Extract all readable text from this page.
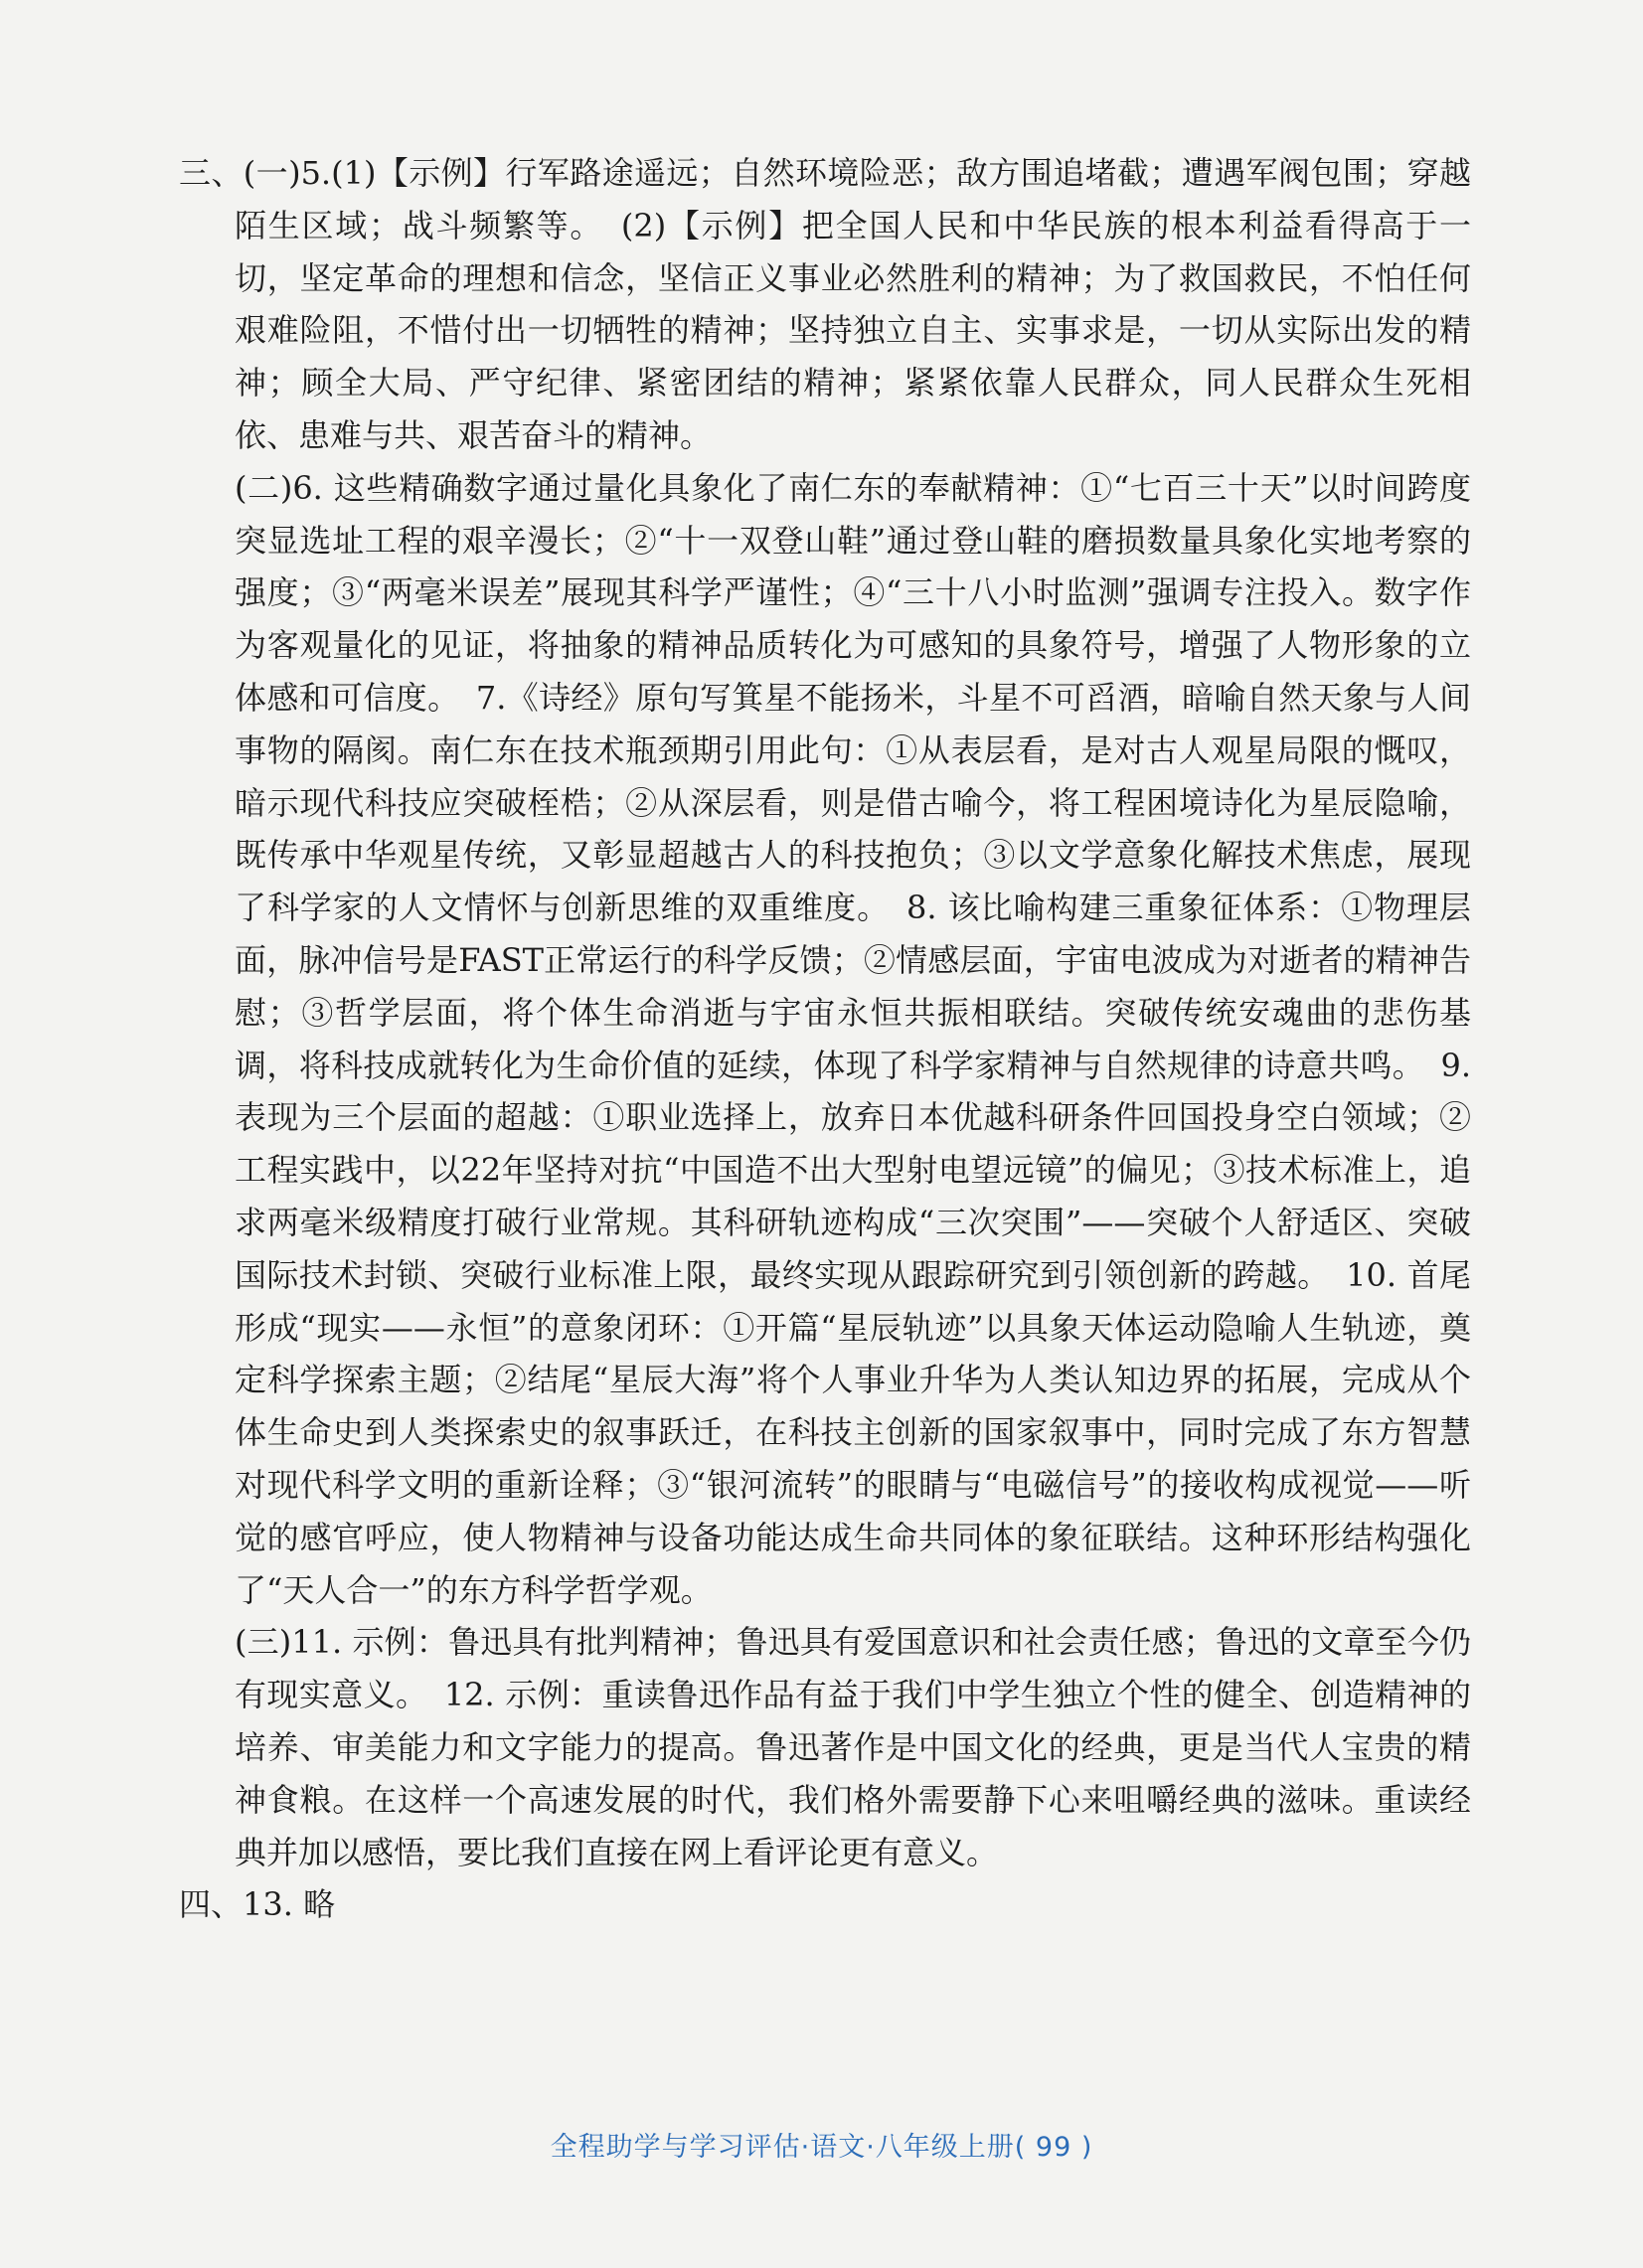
三、(一)5.(1)【示例】行军路途遥远；自然环境险恶；敌方围追堵截；遭遇军阀包围；穿越陌生区域；战斗频繁等。　(2)【示例】把全国人民和中华民族的根本利益看得高于一切，坚定革命的理想和信念，坚信正义事业必然胜利的精神；为了救国救民，不怕任何艰难险阻，不惜付出一切牺牲的精神；坚持独立自主、实事求是，一切从实际出发的精神；顾全大局、严守纪律、紧密团结的精神；紧紧依靠人民群众，同人民群众生死相依、患难与共、艰苦奋斗的精神。

(二)6. 这些精确数字通过量化具象化了南仁东的奉献精神：①“七百三十天”以时间跨度突显选址工程的艰辛漫长；②“十一双登山鞋”通过登山鞋的磨损数量具象化实地考察的强度；③“两毫米误差”展现其科学严谨性；④“三十八小时监测”强调专注投入。数字作为客观量化的见证，将抽象的精神品质转化为可感知的具象符号，增强了人物形象的立体感和可信度。　7.《诗经》原句写箕星不能扬米，斗星不可舀酒，暗喻自然天象与人间事物的隔阂。南仁东在技术瓶颈期引用此句：①从表层看，是对古人观星局限的慨叹，暗示现代科技应突破桎梏；②从深层看，则是借古喻今，将工程困境诗化为星辰隐喻，既传承中华观星传统，又彰显超越古人的科技抱负；③以文学意象化解技术焦虑，展现了科学家的人文情怀与创新思维的双重维度。　8. 该比喻构建三重象征体系：①物理层面，脉冲信号是FAST正常运行的科学反馈；②情感层面，宇宙电波成为对逝者的精神告慰；③哲学层面，将个体生命消逝与宇宙永恒共振相联结。突破传统安魂曲的悲伤基调，将科技成就转化为生命价值的延续，体现了科学家精神与自然规律的诗意共鸣。　9. 表现为三个层面的超越：①职业选择上，放弃日本优越科研条件回国投身空白领域；②工程实践中，以22年坚持对抗“中国造不出大型射电望远镜”的偏见；③技术标准上，追求两毫米级精度打破行业常规。其科研轨迹构成“三次突围”——突破个人舒适区、突破国际技术封锁、突破行业标准上限，最终实现从跟踪研究到引领创新的跨越。　10. 首尾形成“现实——永恒”的意象闭环：①开篇“星辰轨迹”以具象天体运动隐喻人生轨迹，奠定科学探索主题；②结尾“星辰大海”将个人事业升华为人类认知边界的拓展，完成从个体生命史到人类探索史的叙事跃迁，在科技主创新的国家叙事中，同时完成了东方智慧对现代科学文明的重新诠释；③“银河流转”的眼睛与“电磁信号”的接收构成视觉——听觉的感官呼应，使人物精神与设备功能达成生命共同体的象征联结。这种环形结构强化了“天人合一”的东方科学哲学观。

(三)11. 示例：鲁迅具有批判精神；鲁迅具有爱国意识和社会责任感；鲁迅的文章至今仍有现实意义。　12. 示例：重读鲁迅作品有益于我们中学生独立个性的健全、创造精神的培养、审美能力和文字能力的提高。鲁迅著作是中国文化的经典，更是当代人宝贵的精神食粮。在这样一个高速发展的时代，我们格外需要静下心来咀嚼经典的滋味。重读经典并加以感悟，要比我们直接在网上看评论更有意义。

四、13. 略

全程助学与学习评估·语文·八年级上册( 99 )
